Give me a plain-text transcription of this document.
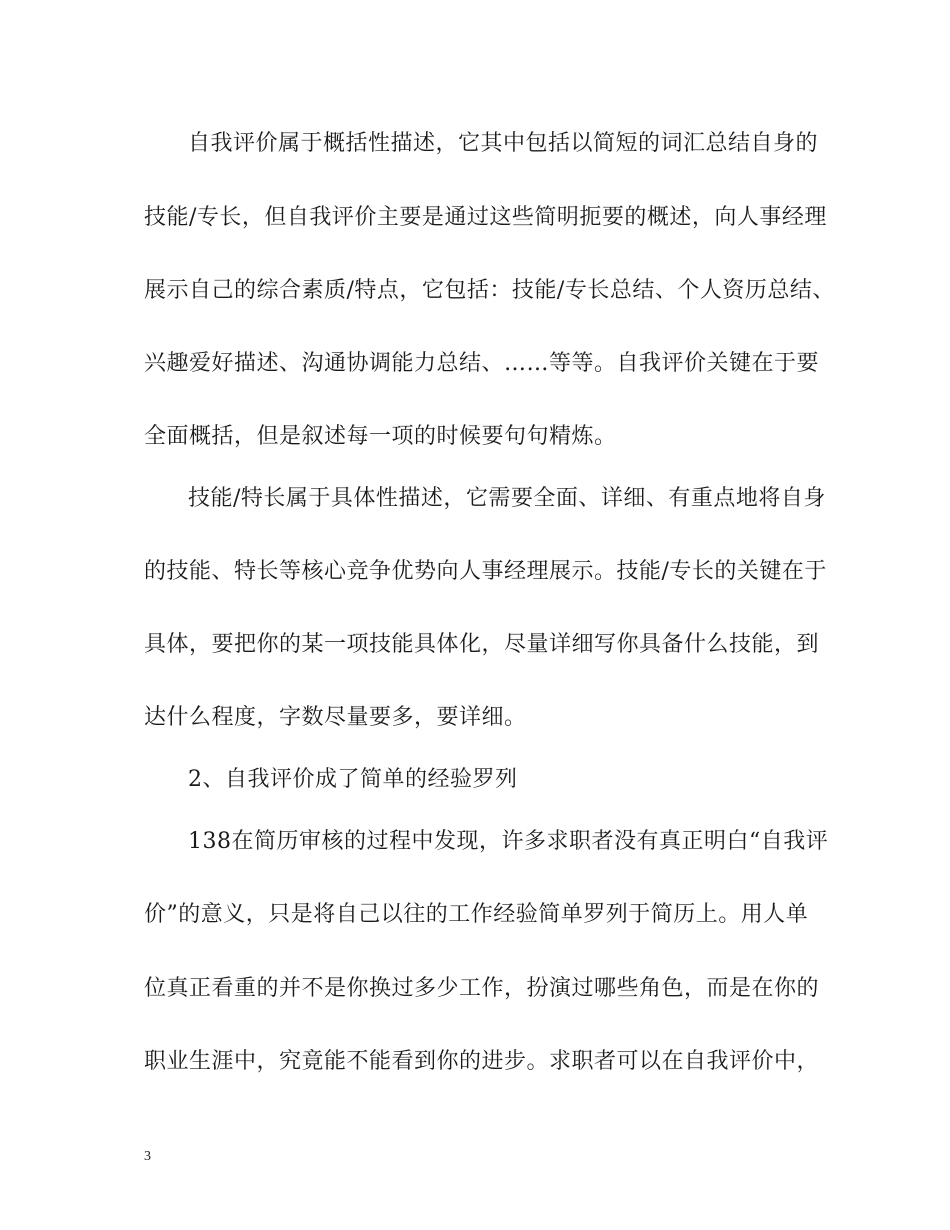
自我评价属于概括性描述，它其中包括以简短的词汇总结自身的
技能/专长，但自我评价主要是通过这些简明扼要的概述，向人事经理
展示自己的综合素质/特点，它包括：技能/专长总结、个人资历总结、
兴趣爱好描述、沟通协调能力总结、……等等。自我评价关键在于要
全面概括，但是叙述每一项的时候要句句精炼。
技能/特长属于具体性描述，它需要全面、详细、有重点地将自身
的技能、特长等核心竞争优势向人事经理展示。技能/专长的关键在于
具体，要把你的某一项技能具体化，尽量详细写你具备什么技能，到
达什么程度，字数尽量要多，要详细。
2、自我评价成了简单的经验罗列
138在简历审核的过程中发现，许多求职者没有真正明白“自我评
价”的意义，只是将自己以往的工作经验简单罗列于简历上。用人单
位真正看重的并不是你换过多少工作，扮演过哪些角色，而是在你的
职业生涯中，究竟能不能看到你的进步。求职者可以在自我评价中，
3
